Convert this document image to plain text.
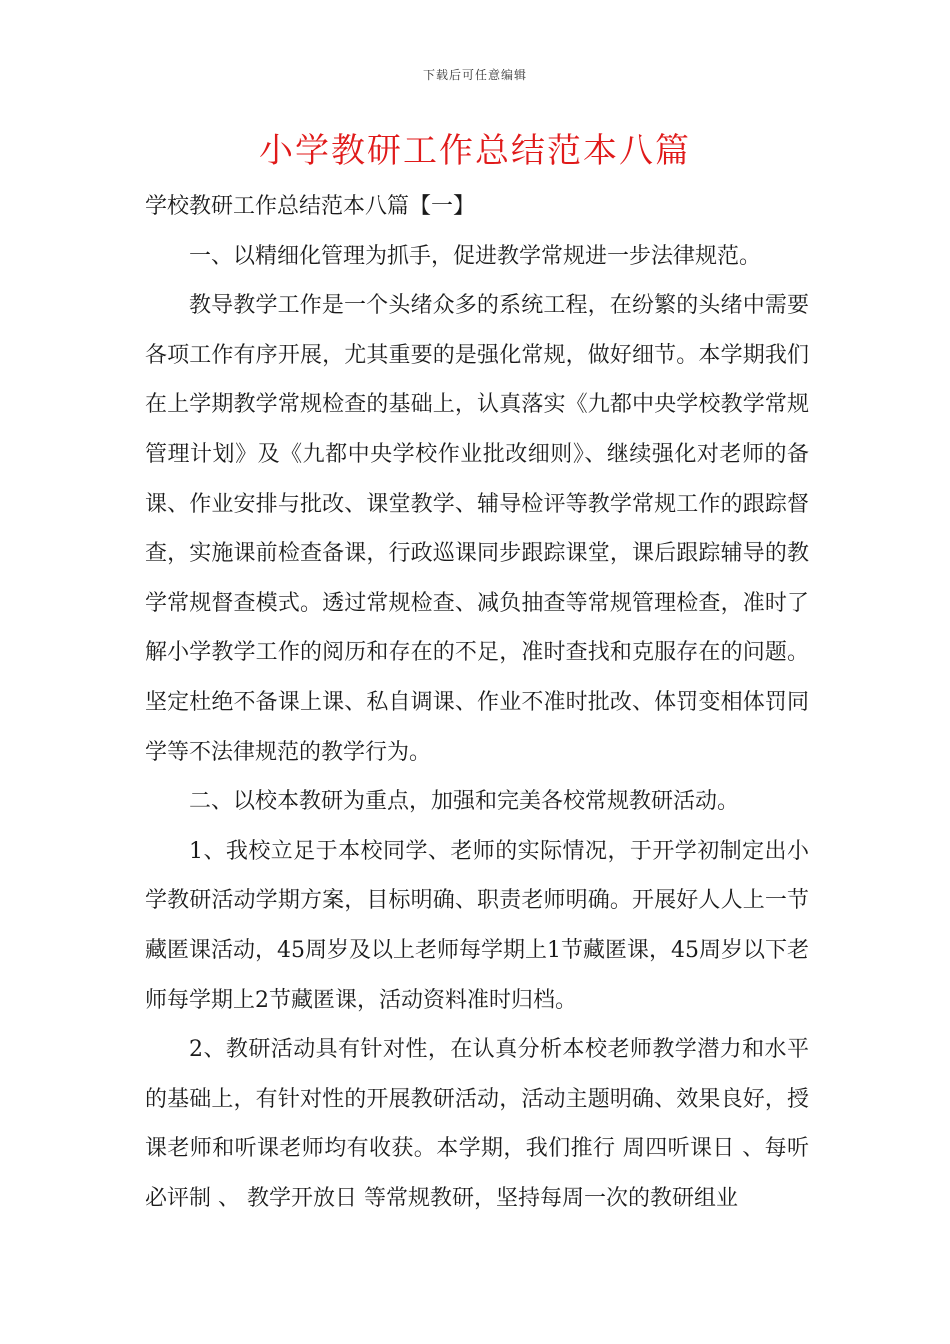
下载后可任意编辑
小学教研工作总结范本八篇

学校教研工作总结范本八篇【一】

一、以精细化管理为抓手，促进教学常规进一步法律规范。

教导教学工作是一个头绪众多的系统工程，在纷繁的头绪中需要各项工作有序开展，尤其重要的是强化常规，做好细节。本学期我们在上学期教学常规检查的基础上，认真落实《九都中央学校教学常规管理计划》及《九都中央学校作业批改细则》、继续强化对老师的备课、作业安排与批改、课堂教学、辅导检评等教学常规工作的跟踪督查，实施课前检查备课，行政巡课同步跟踪课堂，课后跟踪辅导的教学常规督查模式。透过常规检查、减负抽查等常规管理检查，准时了解小学教学工作的阅历和存在的不足，准时查找和克服存在的问题。坚定杜绝不备课上课、私自调课、作业不准时批改、体罚变相体罚同学等不法律规范的教学行为。

二、以校本教研为重点，加强和完美各校常规教研活动。

1、我校立足于本校同学、老师的实际情况，于开学初制定出小学教研活动学期方案，目标明确、职责老师明确。开展好人人上一节藏匿课活动，45周岁及以上老师每学期上1节藏匿课，45周岁以下老师每学期上2节藏匿课，活动资料准时归档。

2、教研活动具有针对性，在认真分析本校老师教学潜力和水平的基础上，有针对性的开展教研活动，活动主题明确、效果良好，授课老师和听课老师均有收获。本学期，我们推行 周四听课日 、每听必评制 、 教学开放日 等常规教研，坚持每周一次的教研组业
